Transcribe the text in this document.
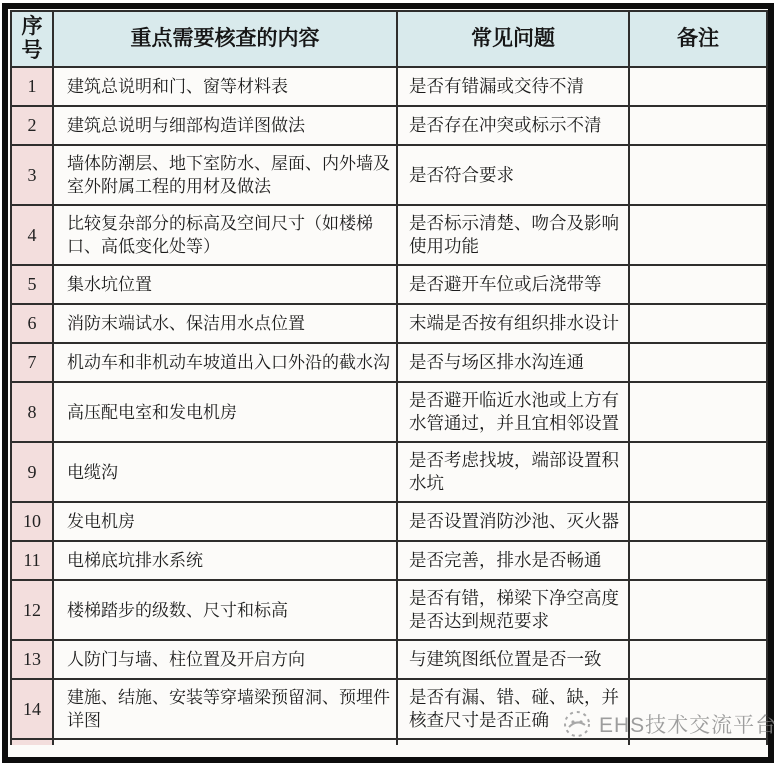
序号	重点需要核查的内容	常见问题	备注
1	建筑总说明和门、窗等材料表	是否有错漏或交待不清	
2	建筑总说明与细部构造详图做法	是否存在冲突或标示不清	
3	墙体防潮层、地下室防水、屋面、内外墙及室外附属工程的用材及做法	是否符合要求	
4	比较复杂部分的标高及空间尺寸（如楼梯口、高低变化处等）	是否标示清楚、吻合及影响使用功能	
5	集水坑位置	是否避开车位或后浇带等	
6	消防末端试水、保洁用水点位置	末端是否按有组织排水设计	
7	机动车和非机动车坡道出入口外沿的截水沟	是否与场区排水沟连通	
8	高压配电室和发电机房	是否避开临近水池或上方有水管通过，并且宜相邻设置	
9	电缆沟	是否考虑找坡，端部设置积水坑	
10	发电机房	是否设置消防沙池、灭火器	
11	电梯底坑排水系统	是否完善，排水是否畅通	
12	楼梯踏步的级数、尺寸和标高	是否有错，梯梁下净空高度是否达到规范要求	
13	人防门与墙、柱位置及开启方向	与建筑图纸位置是否一致	
14	建施、结施、安装等穿墙梁预留洞、预埋件详图	是否有漏、错、碰、缺，并核查尺寸是否正确	
			EHS技术交流平台
